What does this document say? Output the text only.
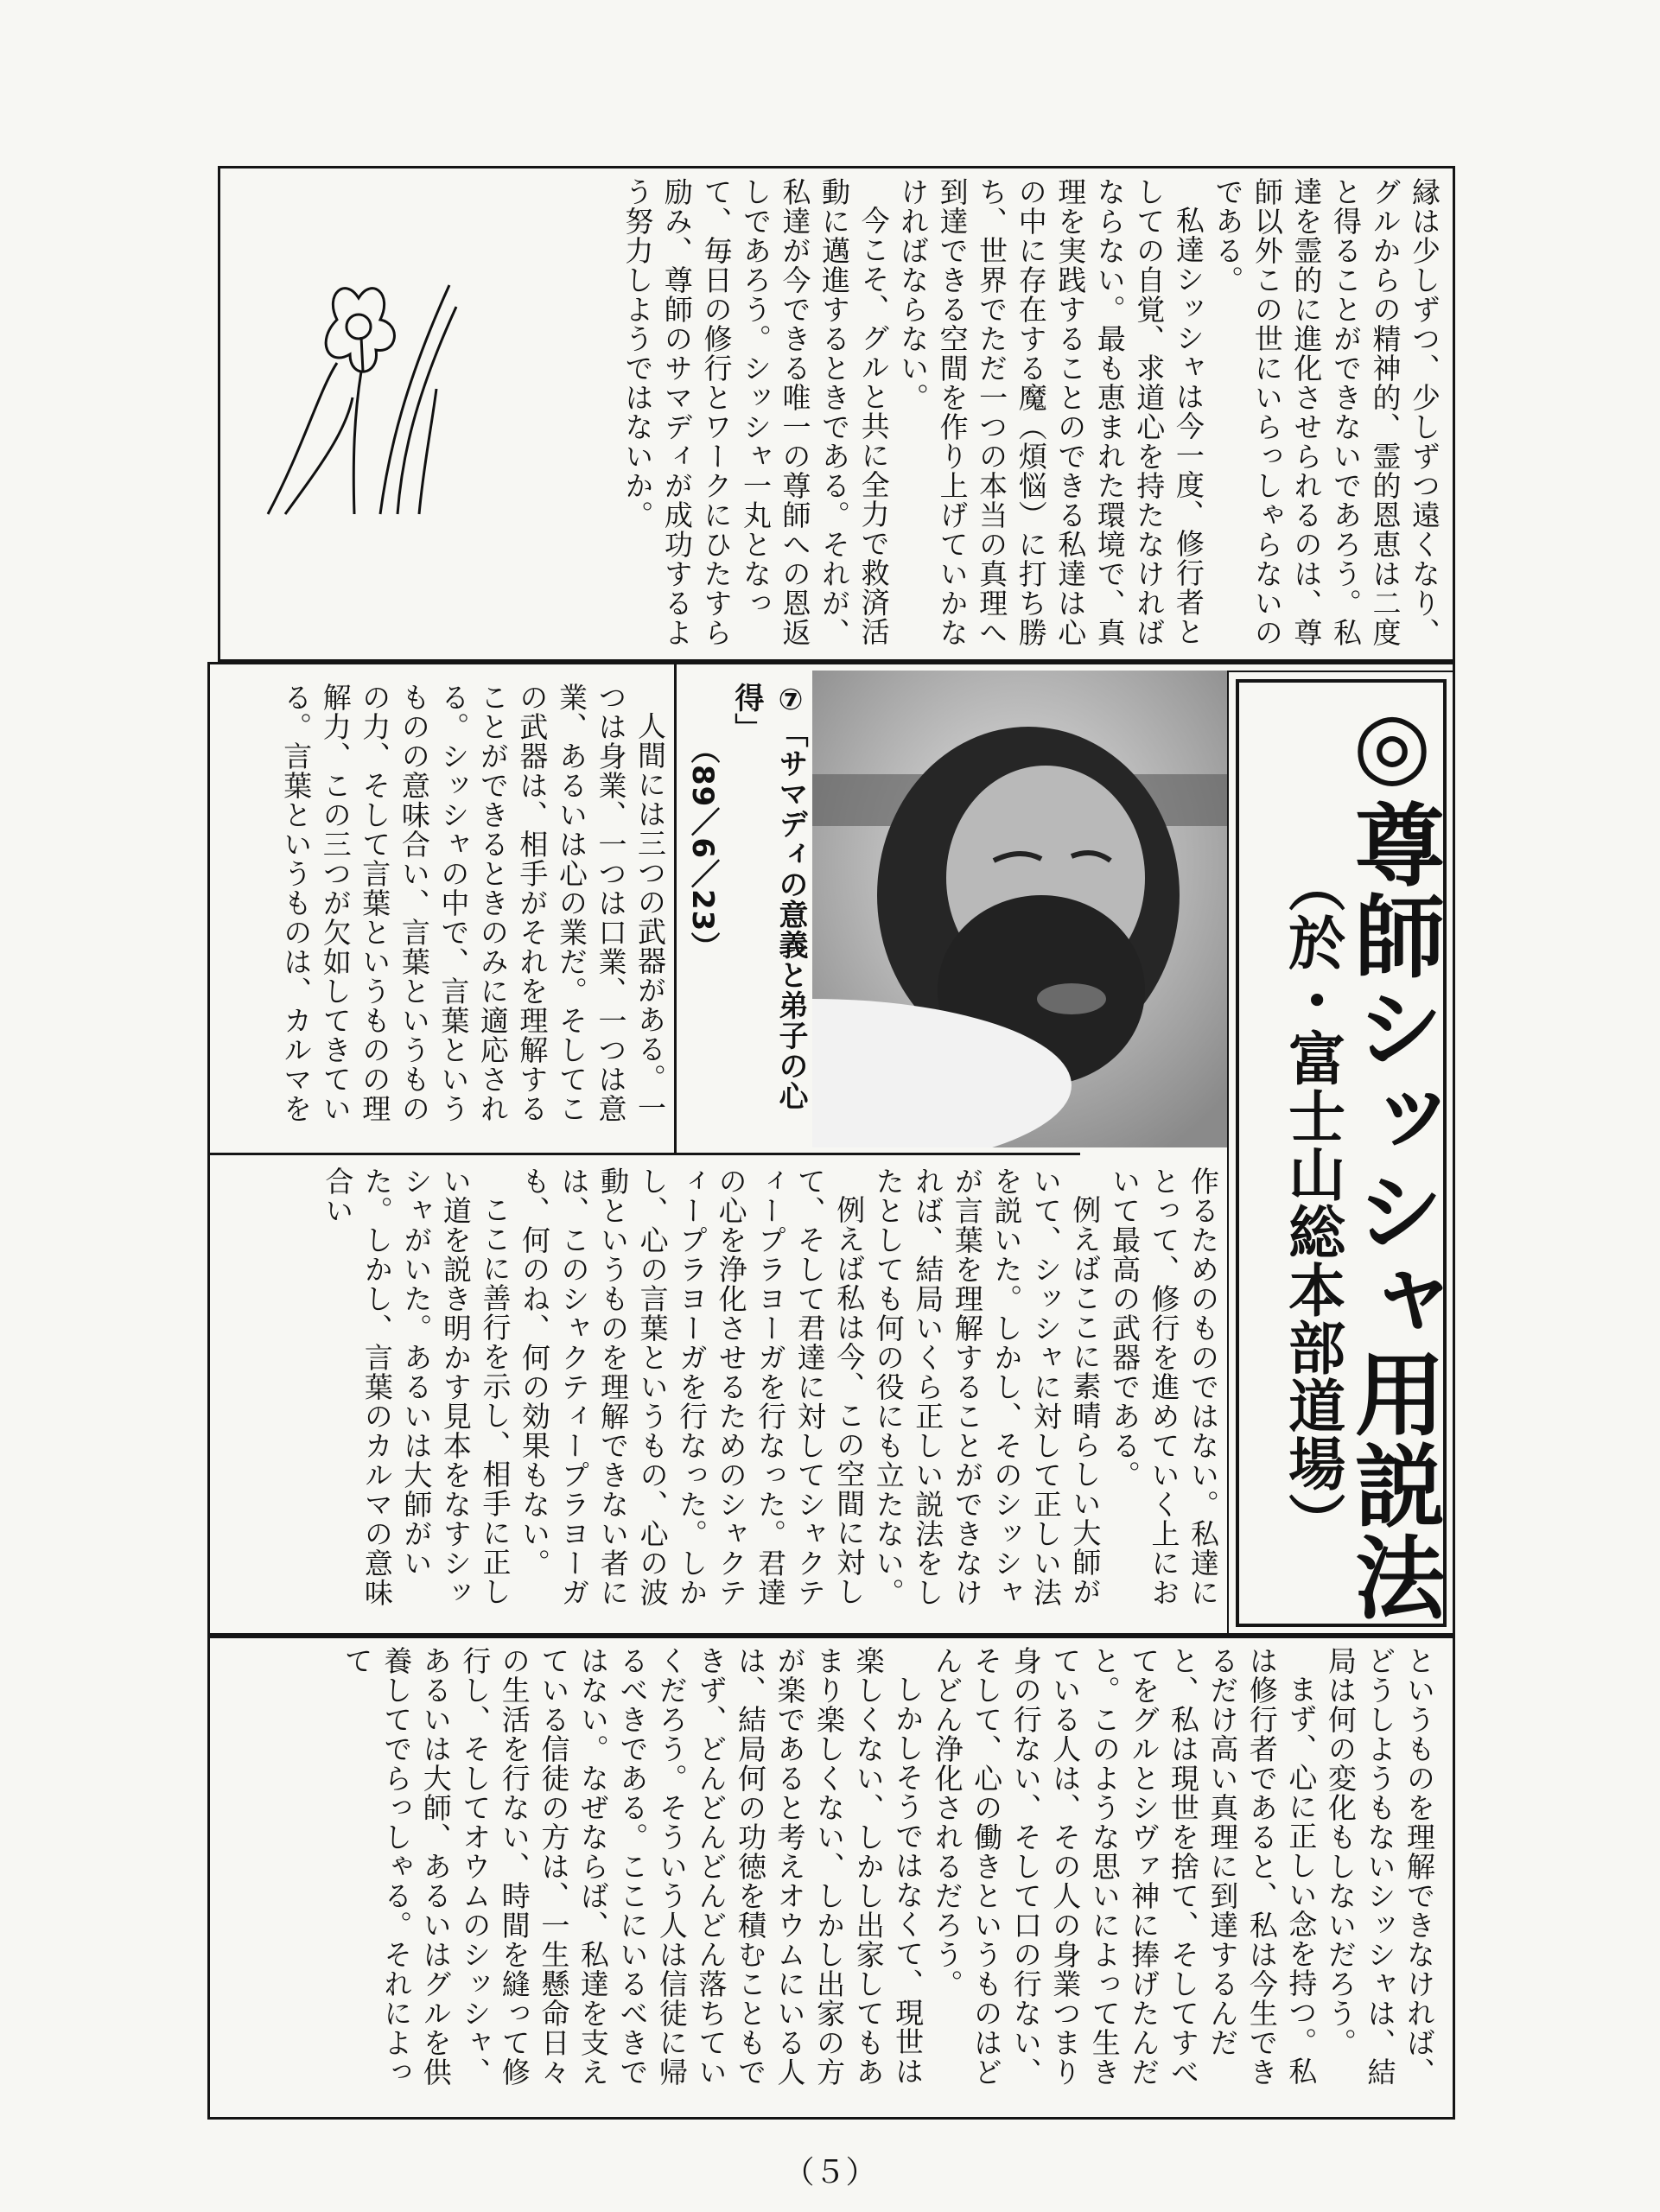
縁は少しずつ、少しずつ遠くなり、グルからの精神的、霊的恩恵は二度と得ることができないであろう。私達を霊的に進化させられるのは、尊師以外この世にいらっしゃらないのである。

私達シッシャは今一度、修行者としての自覚、求道心を持たなければならない。最も恵まれた環境で、真理を実践することのできる私達は心の中に存在する魔（煩悩）に打ち勝ち、世界でただ一つの本当の真理へ到達できる空間を作り上げていかなければならない。

今こそ、グルと共に全力で救済活動に邁進するときである。それが、私達が今できる唯一の尊師への恩返しであろう。シッシャ一丸となって、毎日の修行とワークにひたすら励み、尊師のサマディが成功するよう努力しようではないか。

人間には三つの武器がある。一つは身業、一つは口業、一つは意業、あるいは心の業だ。そしてこの武器は、相手がそれを理解することができるときのみに適応される。シッシャの中で、言葉というものの意味合い、言葉というものの力、そして言葉というものの理解力、この三つが欠如してきている。言葉というものは、カルマを	⑦「サマディの意義と弟子の心得」
（89／6／23）	◎尊師シッシャ用説法
（於・富士山総本部道場）

作るためのものではない。私達にとって、修行を進めていく上において最高の武器である。

例えばここに素晴らしい大師がいて、シッシャに対して正しい法を説いた。しかし、そのシッシャが言葉を理解することができなければ、結局いくら正しい説法をしたとしても何の役にも立たない。

例えば私は今、この空間に対して、そして君達に対してシャクティープラヨーガを行なった。君達の心を浄化させるためのシャクティープラヨーガを行なった。しかし、心の言葉というもの、心の波動というものを理解できない者には、このシャクティープラヨーガも、何のね、何の効果もない。

ここに善行を示し、相手に正しい道を説き明かす見本をなすシッシャがいた。あるいは大師がいた。しかし、言葉のカルマの意味合い

というものを理解できなければ、どうしようもないシッシャは、結局は何の変化もしないだろう。

まず、心に正しい念を持つ。私は修行者であると、私は今生できるだけ高い真理に到達するんだと、私は現世を捨て、そしてすべてをグルとシヴァ神に捧げたんだと。このような思いによって生きている人は、その人の身業つまり身の行ない、そして口の行ない、そして、心の働きというものはどんどん浄化されるだろう。

しかしそうではなくて、現世は楽しくない、しかし出家してもあまり楽しくない、しかし出家の方が楽であると考えオウムにいる人は、結局何の功徳を積むこともできず、どんどんどんどん落ちていくだろう。そういう人は信徒に帰るべきである。ここにいるべきではない。なぜならば、私達を支えている信徒の方は、一生懸命日々の生活を行ない、時間を縫って修行し、そしてオウムのシッシャ、あるいは大師、あるいはグルを供養してでらっしゃる。それによって

（５）
